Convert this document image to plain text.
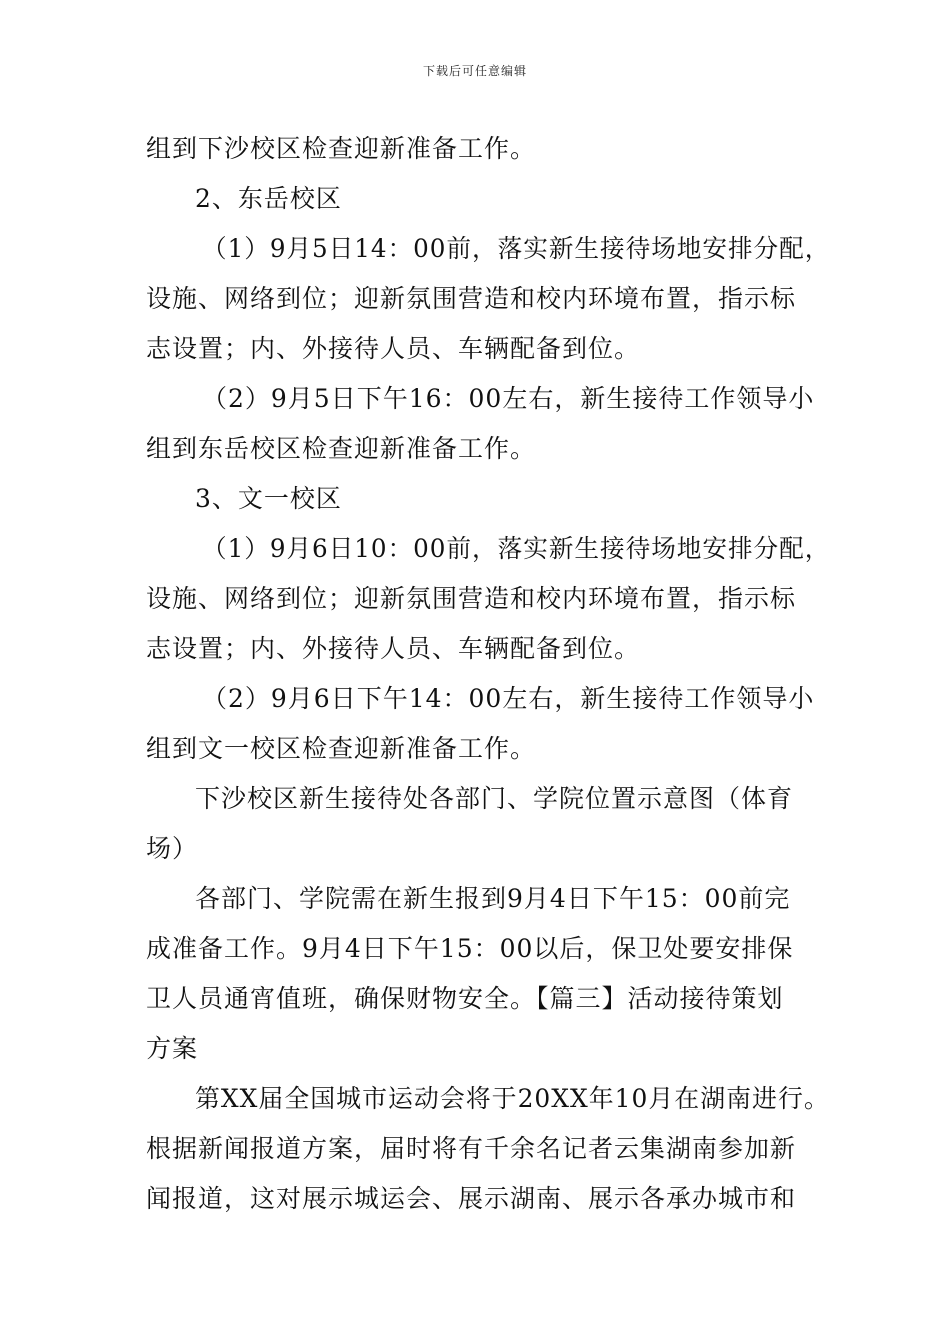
下载后可任意编辑
组到下沙校区检查迎新准备工作。
2、东岳校区
（1）9月5日14：00前，落实新生接待场地安排分配，
设施、网络到位；迎新氛围营造和校内环境布置，指示标
志设置；内、外接待人员、车辆配备到位。
（2）9月5日下午16：00左右，新生接待工作领导小
组到东岳校区检查迎新准备工作。
3、文一校区
（1）9月6日10：00前，落实新生接待场地安排分配，
设施、网络到位；迎新氛围营造和校内环境布置，指示标
志设置；内、外接待人员、车辆配备到位。
（2）9月6日下午14：00左右，新生接待工作领导小
组到文一校区检查迎新准备工作。
下沙校区新生接待处各部门、学院位置示意图（体育
场）
各部门、学院需在新生报到9月4日下午15：00前完
成准备工作。9月4日下午15：00以后，保卫处要安排保
卫人员通宵值班，确保财物安全。【篇三】活动接待策划
方案
第XX届全国城市运动会将于20XX年10月在湖南进行。
根据新闻报道方案，届时将有千余名记者云集湖南参加新
闻报道，这对展示城运会、展示湖南、展示各承办城市和
